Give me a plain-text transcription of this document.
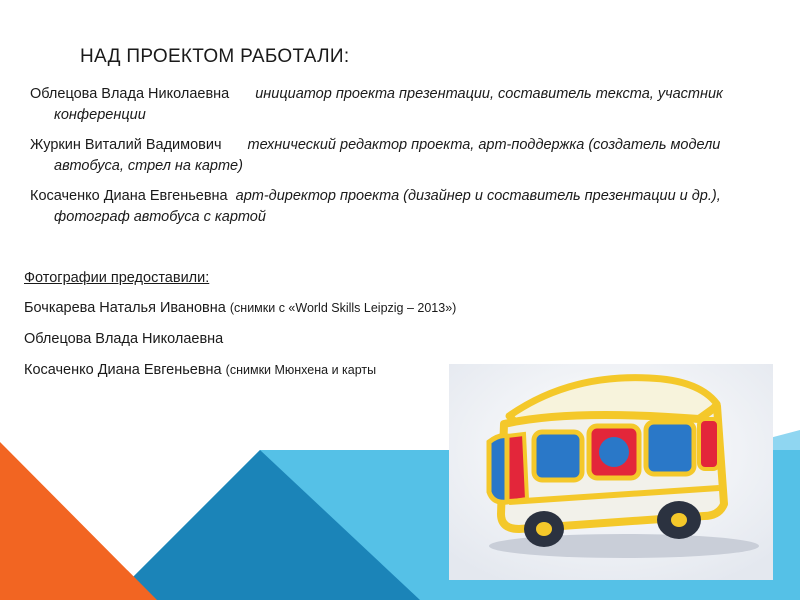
НАД ПРОЕКТОМ РАБОТАЛИ:
Облецова Влада Николаевна инициатор проекта презентации, составитель текста, участник конференции
Журкин Виталий Вадимович технический редактор проекта, арт-поддержка (создатель модели автобуса, стрел на карте)
Косаченко Диана Евгеньевна арт-директор проекта (дизайнер и составитель презентации и др.), фотограф автобуса с картой
Фотографии предоставили:
Бочкарева Наталья Ивановна (снимки с «World Skills Leipzig – 2013»)
Облецова Влада Николаевна
Косаченко Диана Евгеньевна (снимки Мюнхена и карты
